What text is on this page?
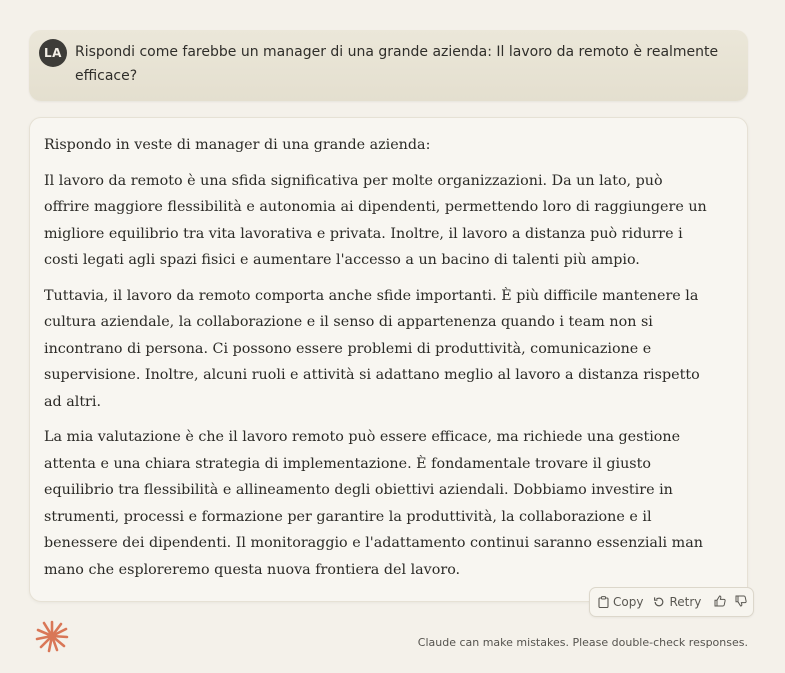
LA Rispondi come farebbe un manager di una grande azienda: Il lavoro da remoto è realmente efficace?

Rispondo in veste di manager di una grande azienda:

Il lavoro da remoto è una sfida significativa per molte organizzazioni. Da un lato, può offrire maggiore flessibilità e autonomia ai dipendenti, permettendo loro di raggiungere un migliore equilibrio tra vita lavorativa e privata. Inoltre, il lavoro a distanza può ridurre i costi legati agli spazi fisici e aumentare l'accesso a un bacino di talenti più ampio.

Tuttavia, il lavoro da remoto comporta anche sfide importanti. È più difficile mantenere la cultura aziendale, la collaborazione e il senso di appartenenza quando i team non si incontrano di persona. Ci possono essere problemi di produttività, comunicazione e supervisione. Inoltre, alcuni ruoli e attività si adattano meglio al lavoro a distanza rispetto ad altri.

La mia valutazione è che il lavoro remoto può essere efficace, ma richiede una gestione attenta e una chiara strategia di implementazione. È fondamentale trovare il giusto equilibrio tra flessibilità e allineamento degli obiettivi aziendali. Dobbiamo investire in strumenti, processi e formazione per garantire la produttività, la collaborazione e il benessere dei dipendenti. Il monitoraggio e l'adattamento continui saranno essenziali man mano che esploreremo questa nuova frontiera del lavoro.

Copy Retry
Claude can make mistakes. Please double-check responses.
